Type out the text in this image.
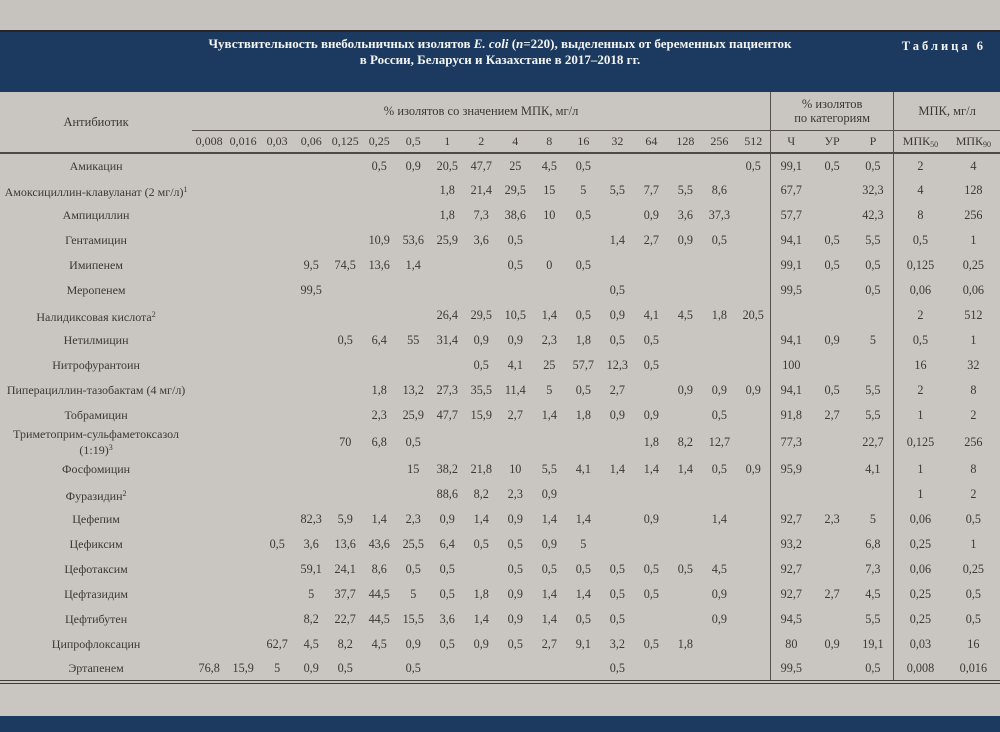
Таблица 6
Чувствительность внебольничных изолятов E. coli (n=220), выделенных от беременных пациенток
в России, Беларуси и Казахстане в 2017–2018 гг.
Антибиотик	% изолятов со значением МПК, мг/л																	% изолятов
по категориям			МПК, мг/л	
	0,008	0,016	0,03	0,06	0,125	0,25	0,5	1	2	4	8	16	32	64	128	256	512	Ч	УР	Р	МПК50	МПК90
Амикацин						0,5	0,9	20,5	47,7	25	4,5	0,5					0,5	99,1	0,5	0,5	2	4
Амоксициллин-клавуланат (2 мг/л)$^1$								1,8	21,4	29,5	15	5	5,5	7,7	5,5	8,6		67,7		32,3	4	128
Ампициллин								1,8	7,3	38,6	10	0,5		0,9	3,6	37,3		57,7		42,3	8	256
Гентамицин						10,9	53,6	25,9	3,6	0,5			1,4	2,7	0,9	0,5		94,1	0,5	5,5	0,5	1
Имипенем				9,5	74,5	13,6	1,4			0,5	0	0,5						99,1	0,5	0,5	0,125	0,25
Меропенем				99,5									0,5					99,5		0,5	0,06	0,06
Налидиксовая кислота$^2$								26,4	29,5	10,5	1,4	0,5	0,9	4,1	4,5	1,8	20,5				2	512
Нетилмицин					0,5	6,4	55	31,4	0,9	0,9	2,3	1,8	0,5	0,5				94,1	0,9	5	0,5	1
Нитрофурантоин									0,5	4,1	25	57,7	12,3	0,5				100			16	32
Пиперациллин-тазобактам (4 мг/л)						1,8	13,2	27,3	35,5	11,4	5	0,5	2,7		0,9	0,9	0,9	94,1	0,5	5,5	2	8
Тобрамицин						2,3	25,9	47,7	15,9	2,7	1,4	1,8	0,9	0,9		0,5		91,8	2,7	5,5	1	2
Триметоприм-сульфаметоксазол
(1:19)$^3$					70	6,8	0,5							1,8	8,2	12,7		77,3		22,7	0,125	256
Фосфомицин							15	38,2	21,8	10	5,5	4,1	1,4	1,4	1,4	0,5	0,9	95,9		4,1	1	8
Фуразидин$^2$								88,6	8,2	2,3	0,9										1	2
Цефепим				82,3	5,9	1,4	2,3	0,9	1,4	0,9	1,4	1,4		0,9		1,4		92,7	2,3	5	0,06	0,5
Цефиксим			0,5	3,6	13,6	43,6	25,5	6,4	0,5	0,5	0,9	5						93,2		6,8	0,25	1
Цефотаксим				59,1	24,1	8,6	0,5	0,5		0,5	0,5	0,5	0,5	0,5	0,5	4,5		92,7		7,3	0,06	0,25
Цефтазидим				5	37,7	44,5	5	0,5	1,8	0,9	1,4	1,4	0,5	0,5		0,9		92,7	2,7	4,5	0,25	0,5
Цефтибутен				8,2	22,7	44,5	15,5	3,6	1,4	0,9	1,4	0,5	0,5			0,9		94,5		5,5	0,25	0,5
Ципрофлоксацин			62,7	4,5	8,2	4,5	0,9	0,5	0,9	0,5	2,7	9,1	3,2	0,5	1,8			80	0,9	19,1	0,03	16
Эртапенем	76,8	15,9	5	0,9	0,5		0,5						0,5					99,5		0,5	0,008	0,016
